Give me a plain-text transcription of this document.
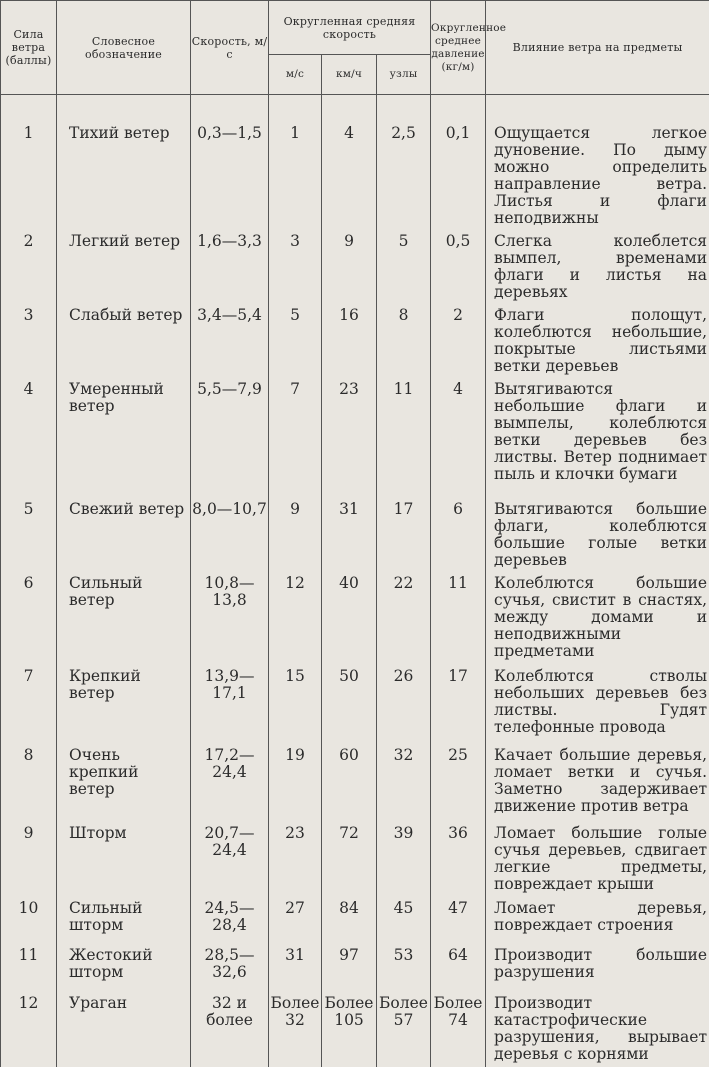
Сила ветра (баллы)	Словесное обозначение	Скорость, м/с	Округленная средняя скорость			Округленное среднее давление (кг/м)	Влияние ветра на предметы
			м/с	км/ч	узлы		
1	Тихий ветер	0,3—1,5	1	4	2,5	0,1	Ощущается легкое дуновение. По дыму можно определить направление ветра. Листья и флаги неподвижны
2	Легкий ветер	1,6—3,3	3	9	5	0,5	Слегка колеблется вымпел, временами флаги и листья на деревьях
3	Слабый ветер	3,4—5,4	5	16	8	2	Флаги полощут, колеблются небольшие, покрытые листьями ветки деревьев
4	Умеренный ветер	5,5—7,9	7	23	11	4	Вытягиваются небольшие флаги и вымпелы, колеблются ветки деревьев без листвы. Ветер поднимает пыль и клочки бумаги
5	Свежий ветер	8,0—10,7	9	31	17	6	Вытягиваются большие флаги, колеблются большие голые ветки деревьев
6	Сильный ветер	10,8—13,8	12	40	22	11	Колеблются большие сучья, свистит в снастях, между домами и неподвижными предметами
7	Крепкий ветер	13,9—17,1	15	50	26	17	Колеблются стволы небольших деревьев без листвы. Гудят телефонные провода
8	Очень крепкий ветер	17,2—24,4	19	60	32	25	Качает большие деревья, ломает ветки и сучья. Заметно задерживает движение против ветра
9	Шторм	20,7—24,4	23	72	39	36	Ломает большие голые сучья деревьев, сдвигает легкие предметы, повреждает крыши
10	Сильный шторм	24,5—28,4	27	84	45	47	Ломает деревья, повреждает строения
11	Жестокий шторм	28,5—32,6	31	97	53	64	Производит большие разрушения
12	Ураган	32 и более	Более 32	Более 105	Более 57	Более 74	Производит катастрофические разрушения, вырывает деревья с корнями
